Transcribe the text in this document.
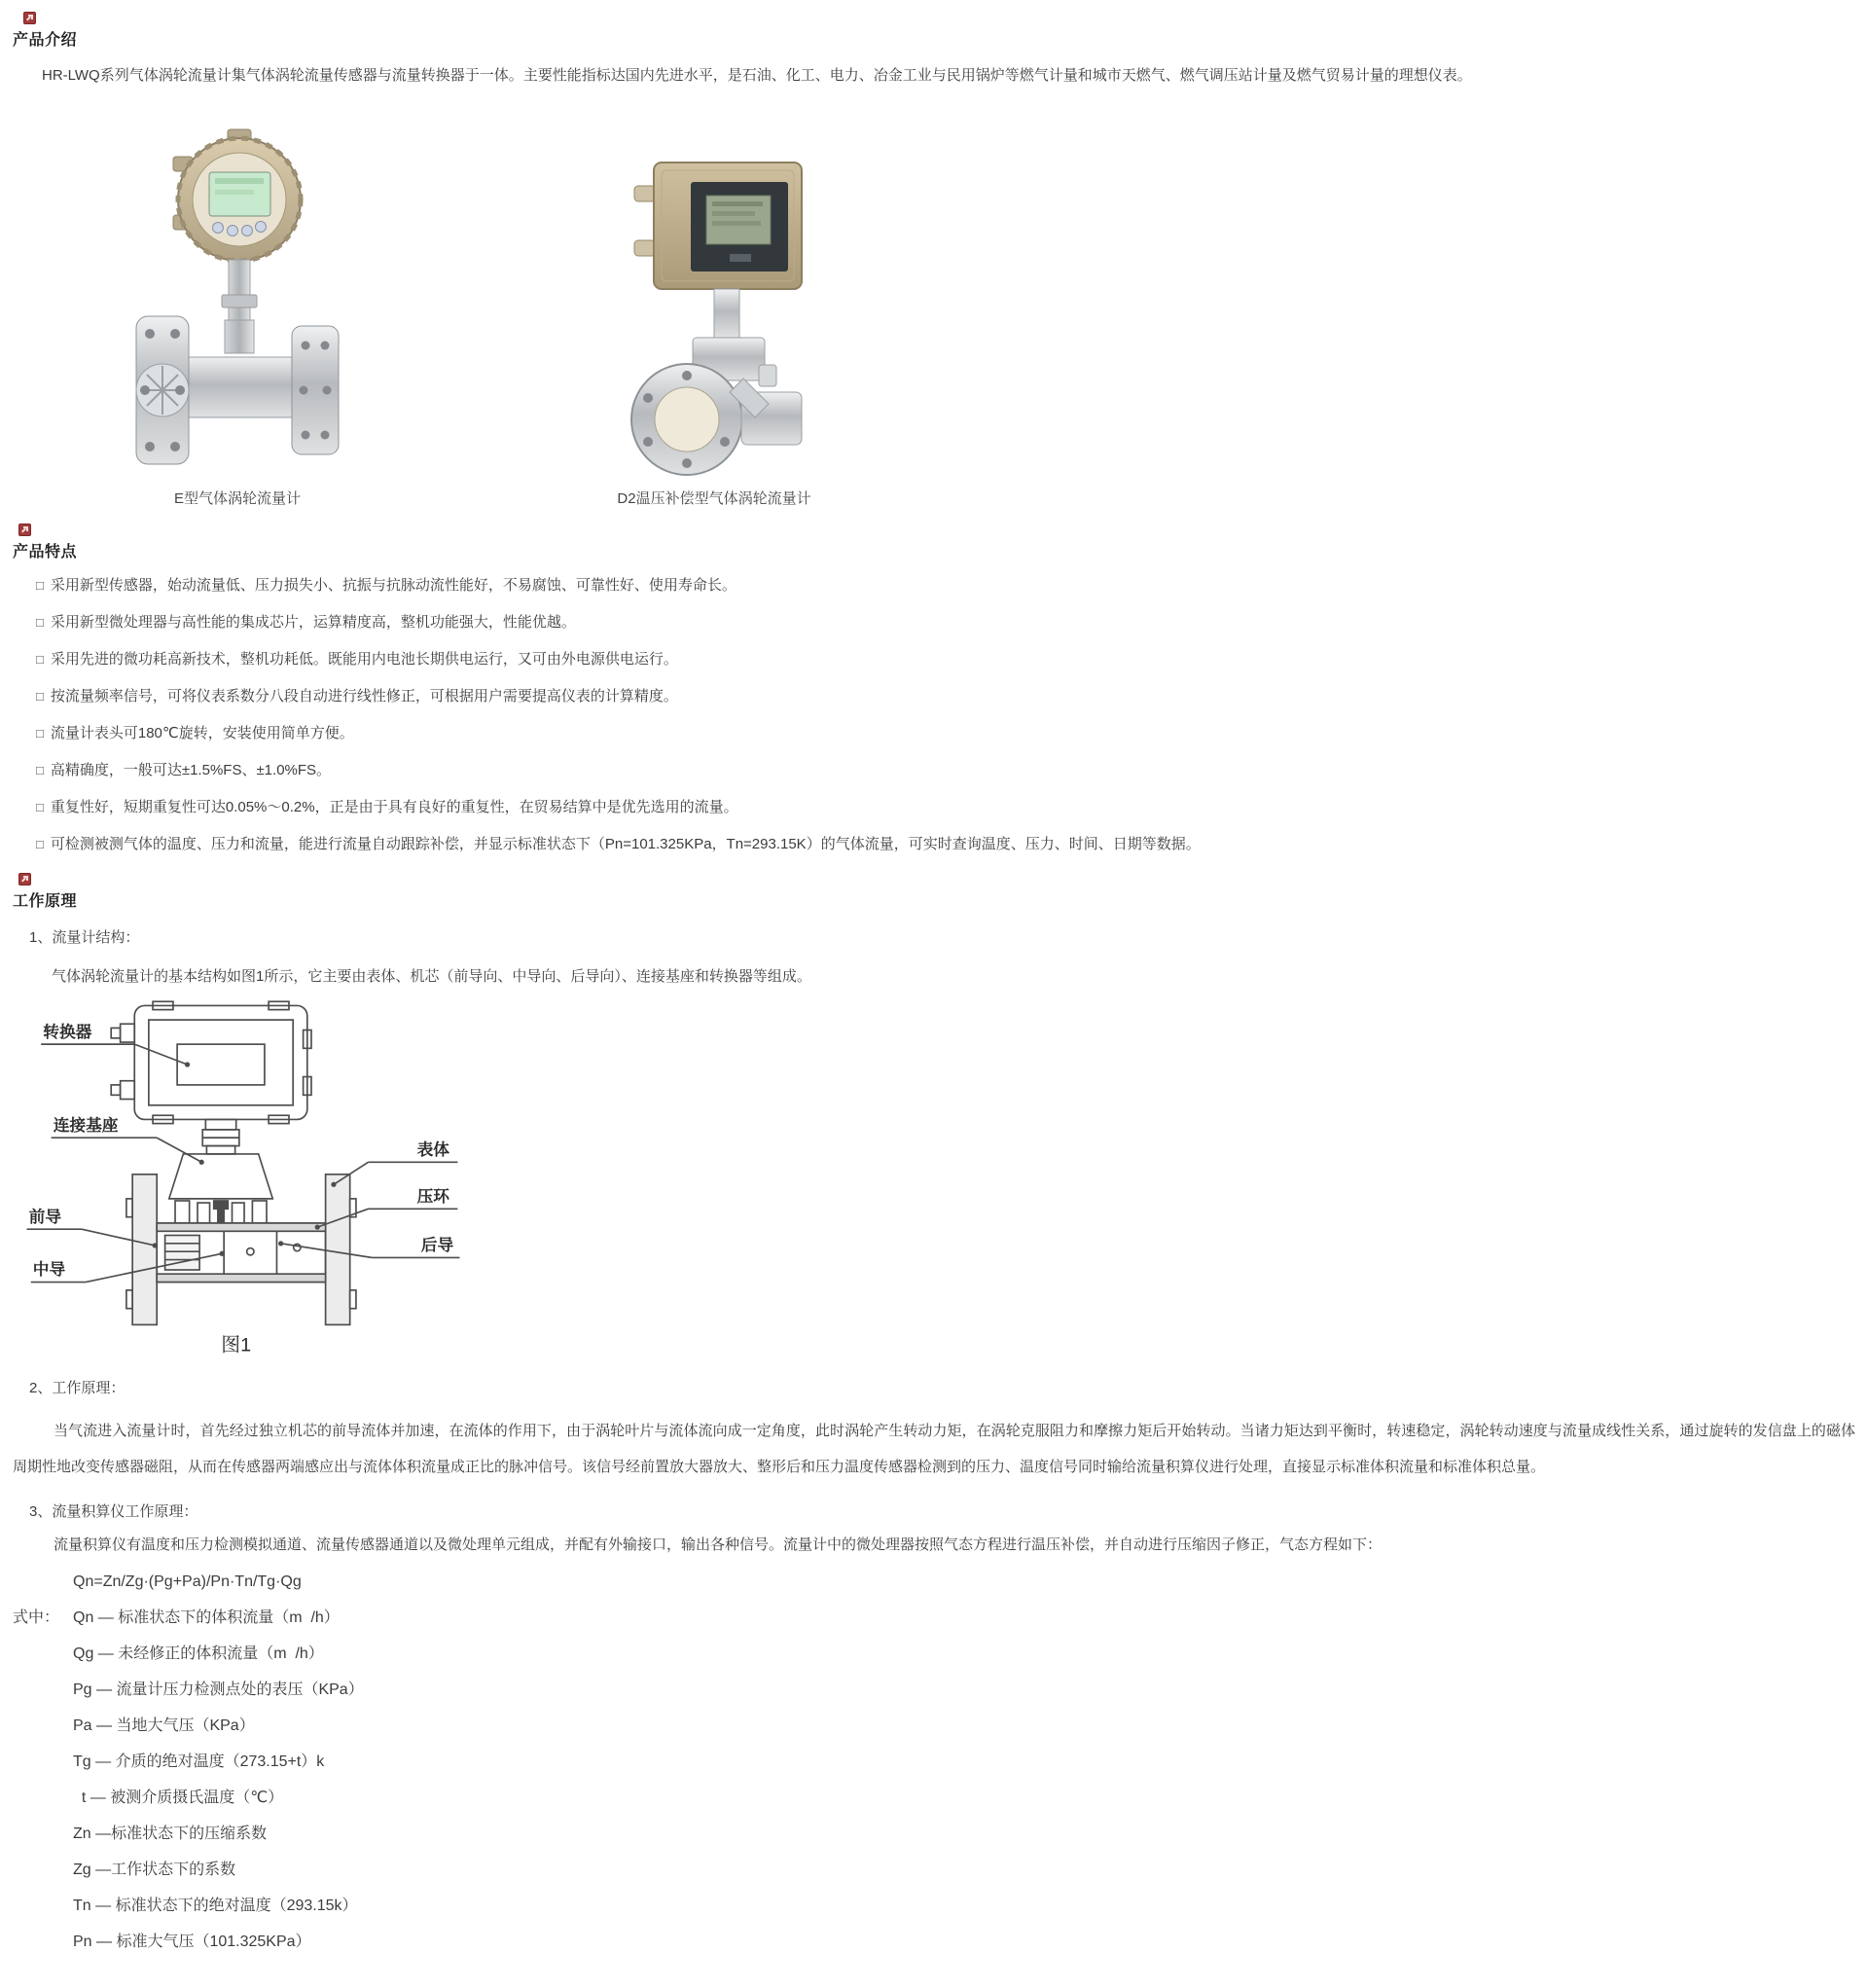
产品介绍

HR-LWQ系列气体涡轮流量计集气体涡轮流量传感器与流量转换器于一体。主要性能指标达国内先进水平，是石油、化工、电力、冶金工业与民用锅炉等燃气计量和城市天燃气、燃气调压站计量及燃气贸易计量的理想仪表。

E型气体涡轮流量计	D2温压补偿型气体涡轮流量计
产品特点
□ 采用新型传感器，始动流量低、压力损失小、抗振与抗脉动流性能好，不易腐蚀、可靠性好、使用寿命长。
□ 采用新型微处理器与高性能的集成芯片，运算精度高，整机功能强大，性能优越。
□ 采用先进的微功耗高新技术，整机功耗低。既能用内电池长期供电运行，又可由外电源供电运行。
□ 按流量频率信号，可将仪表系数分八段自动进行线性修正，可根据用户需要提高仪表的计算精度。
□ 流量计表头可180℃旋转，安装使用简单方便。
□ 高精确度，一般可达±1.5%FS、±1.0%FS。
□ 重复性好，短期重复性可达0.05%～0.2%，正是由于具有良好的重复性，在贸易结算中是优先选用的流量。
□ 可检测被测气体的温度、压力和流量，能进行流量自动跟踪补偿，并显示标准状态下（Pn=101.325KPa，Tn=293.15K）的气体流量，可实时查询温度、压力、时间、日期等数据。
工作原理

1、流量计结构：

气体涡轮流量计的基本结构如图1所示，它主要由表体、机芯（前导向、中导向、后导向）、连接基座和转换器等组成。

转换器
连接基座
表体
压环
前导
中导
后导
图1

2、工作原理：

当气流进入流量计时，首先经过独立机芯的前导流体并加速，在流体的作用下，由于涡轮叶片与流体流向成一定角度，此时涡轮产生转动力矩，在涡轮克服阻力和摩擦力矩后开始转动。当诸力矩达到平衡时，转速稳定，涡轮转动速度与流量成线性关系，通过旋转的发信盘上的磁体周期性地改变传感器磁阻，从而在传感器两端感应出与流体体积流量成正比的脉冲信号。该信号经前置放大器放大、整形后和压力温度传感器检测到的压力、温度信号同时输给流量积算仪进行处理，直接显示标准体积流量和标准体积总量。

3、流量积算仪工作原理：

流量积算仪有温度和压力检测模拟通道、流量传感器通道以及微处理单元组成，并配有外输接口，输出各种信号。流量计中的微处理器按照气态方程进行温压补偿，并自动进行压缩因子修正，气态方程如下：

Qn=Zn/Zg·(Pg+Pa)/Pn·Tn/Tg·Qg

式中： Qn — 标准状态下的体积流量（m  /h）
Qg — 未经修正的体积流量（m  /h）
Pg — 流量计压力检测点处的表压（KPa）
Pa — 当地大气压（KPa）
Tg — 介质的绝对温度（273.15+t）k
t — 被测介质摄氏温度（℃）
Zn —标准状态下的压缩系数
Zg —工作状态下的系数
Tn — 标准状态下的绝对温度（293.15k）
Pn — 标准大气压（101.325KPa）
